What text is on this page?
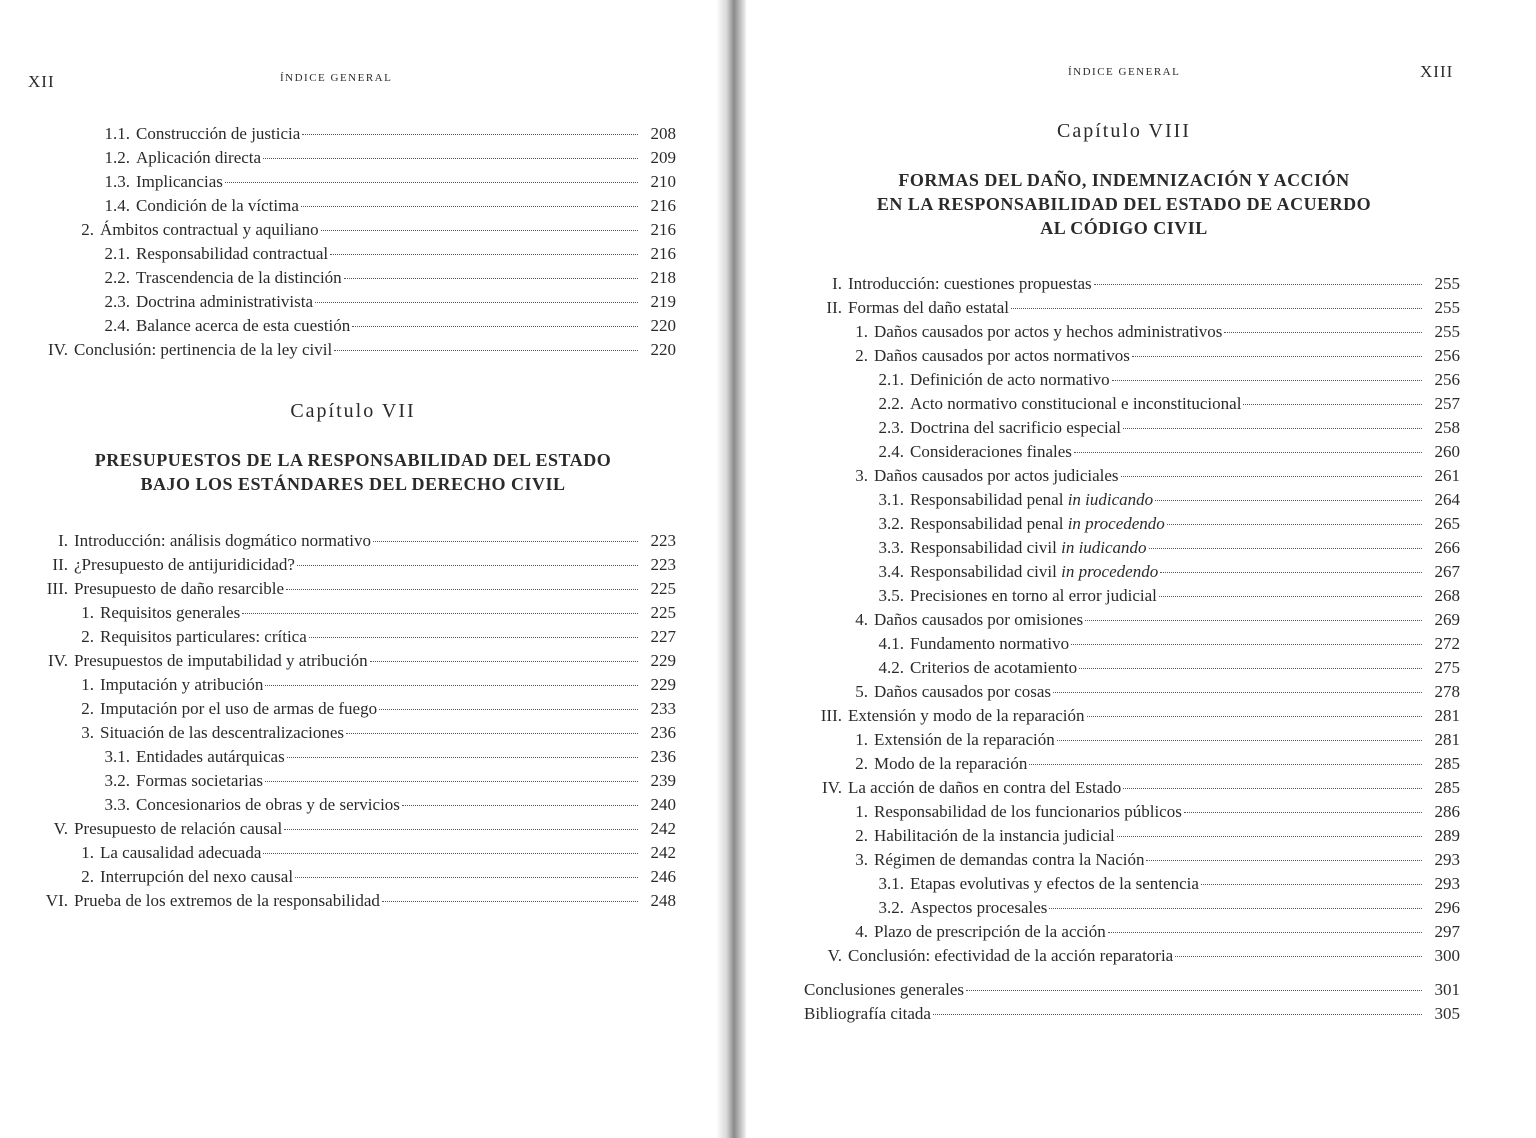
XII	ÍNDICE GENERAL
1.1. Construcción de justicia	208
1.2. Aplicación directa	209
1.3. Implicancias	210
1.4. Condición de la víctima	216
2. Ámbitos contractual y aquiliano	216
2.1. Responsabilidad contractual	216
2.2. Trascendencia de la distinción	218
2.3. Doctrina administrativista	219
2.4. Balance acerca de esta cuestión	220
IV. Conclusión: pertinencia de la ley civil	220
Capítulo VII
PRESUPUESTOS DE LA RESPONSABILIDAD DEL ESTADO
BAJO LOS ESTÁNDARES DEL DERECHO CIVIL
I. Introducción: análisis dogmático normativo	223
II. ¿Presupuesto de antijuridicidad?	223
III. Presupuesto de daño resarcible	225
1. Requisitos generales	225
2. Requisitos particulares: crítica	227
IV. Presupuestos de imputabilidad y atribución	229
1. Imputación y atribución	229
2. Imputación por el uso de armas de fuego	233
3. Situación de las descentralizaciones	236
3.1. Entidades autárquicas	236
3.2. Formas societarias	239
3.3. Concesionarios de obras y de servicios	240
V. Presupuesto de relación causal	242
1. La causalidad adecuada	242
2. Interrupción del nexo causal	246
VI. Prueba de los extremos de la responsabilidad	248
ÍNDICE GENERAL	XIII
Capítulo VIII
FORMAS DEL DAÑO, INDEMNIZACIÓN Y ACCIÓN
EN LA RESPONSABILIDAD DEL ESTADO DE ACUERDO
AL CÓDIGO CIVIL
I. Introducción: cuestiones propuestas	255
II. Formas del daño estatal	255
1. Daños causados por actos y hechos administrativos	255
2. Daños causados por actos normativos	256
2.1. Definición de acto normativo	256
2.2. Acto normativo constitucional e inconstitucional	257
2.3. Doctrina del sacrificio especial	258
2.4. Consideraciones finales	260
3. Daños causados por actos judiciales	261
3.1. Responsabilidad penal in iudicando	264
3.2. Responsabilidad penal in procedendo	265
3.3. Responsabilidad civil in iudicando	266
3.4. Responsabilidad civil in procedendo	267
3.5. Precisiones en torno al error judicial	268
4. Daños causados por omisiones	269
4.1. Fundamento normativo	272
4.2. Criterios de acotamiento	275
5. Daños causados por cosas	278
III. Extensión y modo de la reparación	281
1. Extensión de la reparación	281
2. Modo de la reparación	285
IV. La acción de daños en contra del Estado	285
1. Responsabilidad de los funcionarios públicos	286
2. Habilitación de la instancia judicial	289
3. Régimen de demandas contra la Nación	293
3.1. Etapas evolutivas y efectos de la sentencia	293
3.2. Aspectos procesales	296
4. Plazo de prescripción de la acción	297
V. Conclusión: efectividad de la acción reparatoria	300
Conclusiones generales	301
Bibliografía citada	305
